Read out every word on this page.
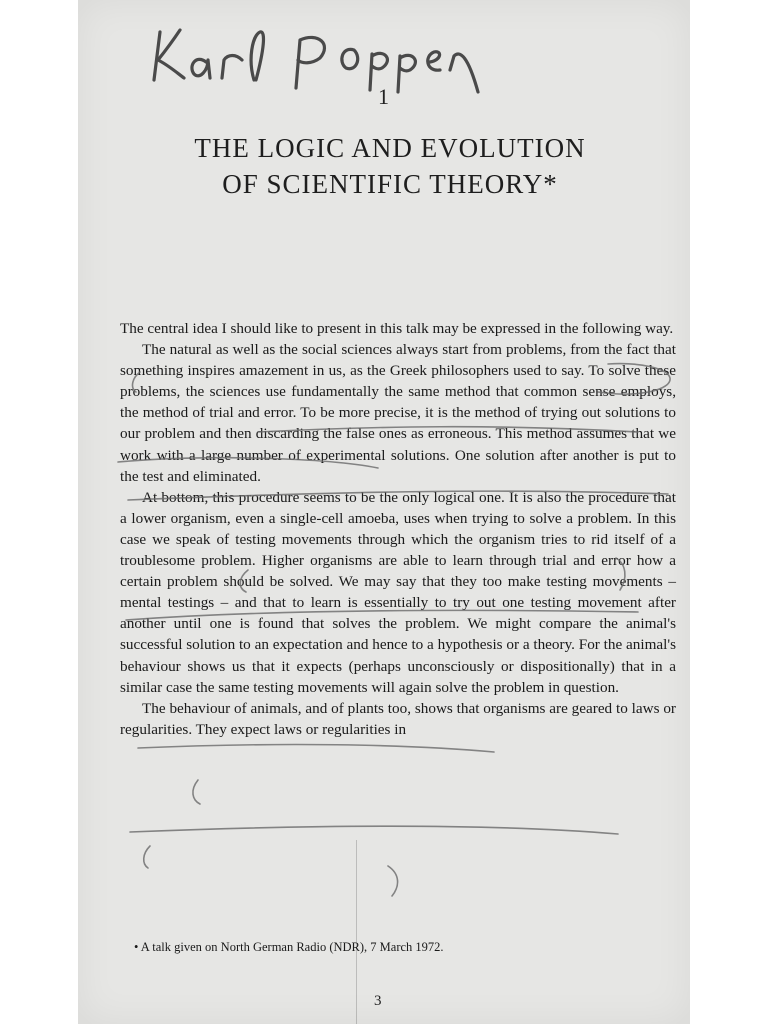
1
THE LOGIC AND EVOLUTION
OF SCIENTIFIC THEORY*

The central idea I should like to present in this talk may be expressed in the following way.

The natural as well as the social sciences always start from problems, from the fact that something inspires amazement in us, as the Greek philosophers used to say. To solve these problems, the sciences use fundamentally the same method that common sense employs, the method of trial and error. To be more precise, it is the method of trying out solutions to our problem and then discarding the false ones as erroneous. This method assumes that we work with a large number of experimental solutions. One solution after another is put to the test and eliminated.

At bottom, this procedure seems to be the only logical one. It is also the procedure that a lower organism, even a single-cell amoeba, uses when trying to solve a problem. In this case we speak of testing movements through which the organism tries to rid itself of a troublesome problem. Higher organisms are able to learn through trial and error how a certain problem should be solved. We may say that they too make testing movements – mental testings – and that to learn is essentially to try out one testing movement after another until one is found that solves the problem. We might compare the animal's successful solution to an expectation and hence to a hypothesis or a theory. For the animal's behaviour shows us that it expects (perhaps unconsciously or dispositionally) that in a similar case the same testing movements will again solve the problem in question.

The behaviour of animals, and of plants too, shows that organisms are geared to laws or regularities. They expect laws or regularities in

• A talk given on North German Radio (NDR), 7 March 1972.
3
